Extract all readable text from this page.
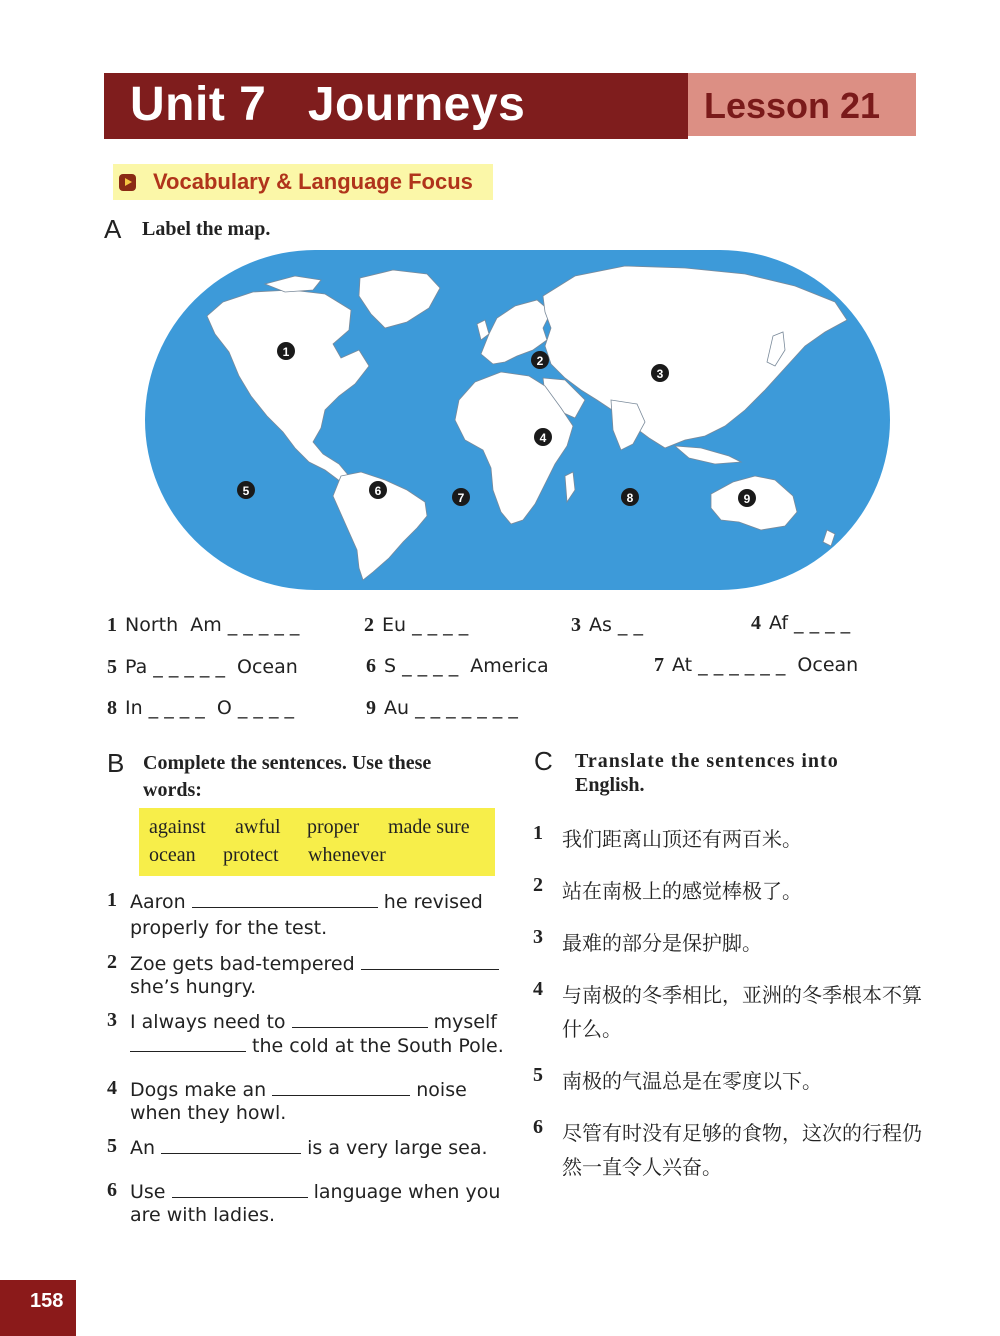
Unit 7   Journeys	Lesson 21
Vocabulary & Language Focus
A Label the map.
1
2
3
4
5	6	7	8	9
1 North  Am _ _ _ _ _	2 Eu _ _ _ _	3 As _ _	4 Af _ _ _ _
5 Pa _ _ _ _ _  Ocean	6 S _ _ _ _  America	7 At _ _ _ _ _ _  Ocean
8 In _ _ _ _  O _ _ _ _	9 Au _ _ _ _ _ _ _
B Complete the sentences. Use these
words:
against awful proper made sure
ocean protect whenever
1 Aaron	he revised
properly for the test.
2 Zoe gets bad-tempered
she’s hungry.
3 I always need to	myself
the cold at the South Pole.
4 Dogs make an	noise
when they howl.
5 An	is a very large sea.
6 Use	language when you
are with ladies.
C Translate the sentences into
English.
1 我们距离山顶还有两百米。
2 站在南极上的感觉棒极了。
3 最难的部分是保护脚。
4 与南极的冬季相比，亚洲的冬季根本不算什么。
5 南极的气温总是在零度以下。
6 尽管有时没有足够的食物，这次的行程仍然一直令人兴奋。
158
